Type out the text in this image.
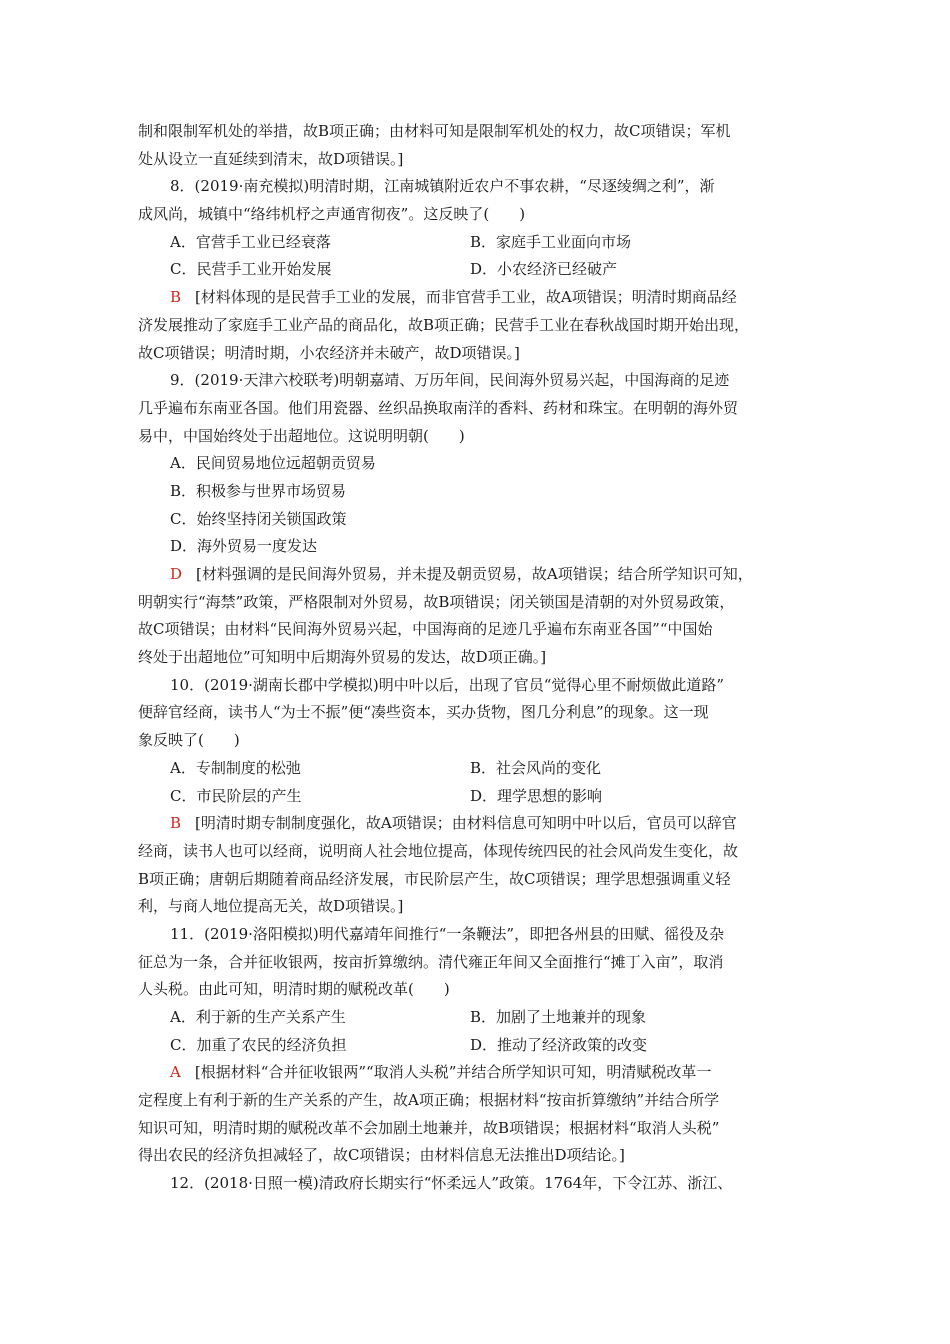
制和限制军机处的举措，故B项正确；由材料可知是限制军机处的权力，故C项错误；军机
处从设立一直延续到清末，故D项错误。]
8．(2019·南充模拟)明清时期，江南城镇附近农户不事农耕，“尽逐绫绸之利”，渐
成风尚，城镇中“络纬机杼之声通宵彻夜”。这反映了(　　)
A．官营手工业已经衰落	B．家庭手工业面向市场
C．民营手工业开始发展	D．小农经济已经破产
B [材料体现的是民营手工业的发展，而非官营手工业，故A项错误；明清时期商品经
济发展推动了家庭手工业产品的商品化，故B项正确；民营手工业在春秋战国时期开始出现，
故C项错误；明清时期，小农经济并未破产，故D项错误。]
9．(2019·天津六校联考)明朝嘉靖、万历年间，民间海外贸易兴起，中国海商的足迹
几乎遍布东南亚各国。他们用瓷器、丝织品换取南洋的香料、药材和珠宝。在明朝的海外贸
易中，中国始终处于出超地位。这说明明朝(　　)
A．民间贸易地位远超朝贡贸易
B．积极参与世界市场贸易
C．始终坚持闭关锁国政策
D．海外贸易一度发达
D [材料强调的是民间海外贸易，并未提及朝贡贸易，故A项错误；结合所学知识可知，
明朝实行“海禁”政策，严格限制对外贸易，故B项错误；闭关锁国是清朝的对外贸易政策，
故C项错误；由材料“民间海外贸易兴起，中国海商的足迹几乎遍布东南亚各国”“中国始
终处于出超地位”可知明中后期海外贸易的发达，故D项正确。]
10．(2019·湖南长郡中学模拟)明中叶以后，出现了官员“觉得心里不耐烦做此道路”
便辞官经商，读书人“为士不振”便“凑些资本，买办货物，图几分利息”的现象。这一现
象反映了(　　)
A．专制制度的松弛	B．社会风尚的变化
C．市民阶层的产生	D．理学思想的影响
B [明清时期专制制度强化，故A项错误；由材料信息可知明中叶以后，官员可以辞官
经商，读书人也可以经商，说明商人社会地位提高，体现传统四民的社会风尚发生变化，故
B项正确；唐朝后期随着商品经济发展，市民阶层产生，故C项错误；理学思想强调重义轻
利，与商人地位提高无关，故D项错误。]
11．(2019·洛阳模拟)明代嘉靖年间推行“一条鞭法”，即把各州县的田赋、徭役及杂
征总为一条，合并征收银两，按亩折算缴纳。清代雍正年间又全面推行“摊丁入亩”，取消
人头税。由此可知，明清时期的赋税改革(　　)
A．利于新的生产关系产生	B．加剧了土地兼并的现象
C．加重了农民的经济负担	D．推动了经济政策的改变
A [根据材料“合并征收银两”“取消人头税”并结合所学知识可知，明清赋税改革一
定程度上有利于新的生产关系的产生，故A项正确；根据材料“按亩折算缴纳”并结合所学
知识可知，明清时期的赋税改革不会加剧土地兼并，故B项错误；根据材料“取消人头税”
得出农民的经济负担减轻了，故C项错误；由材料信息无法推出D项结论。]
12．(2018·日照一模)清政府长期实行“怀柔远人”政策。1764年，下令江苏、浙江、
